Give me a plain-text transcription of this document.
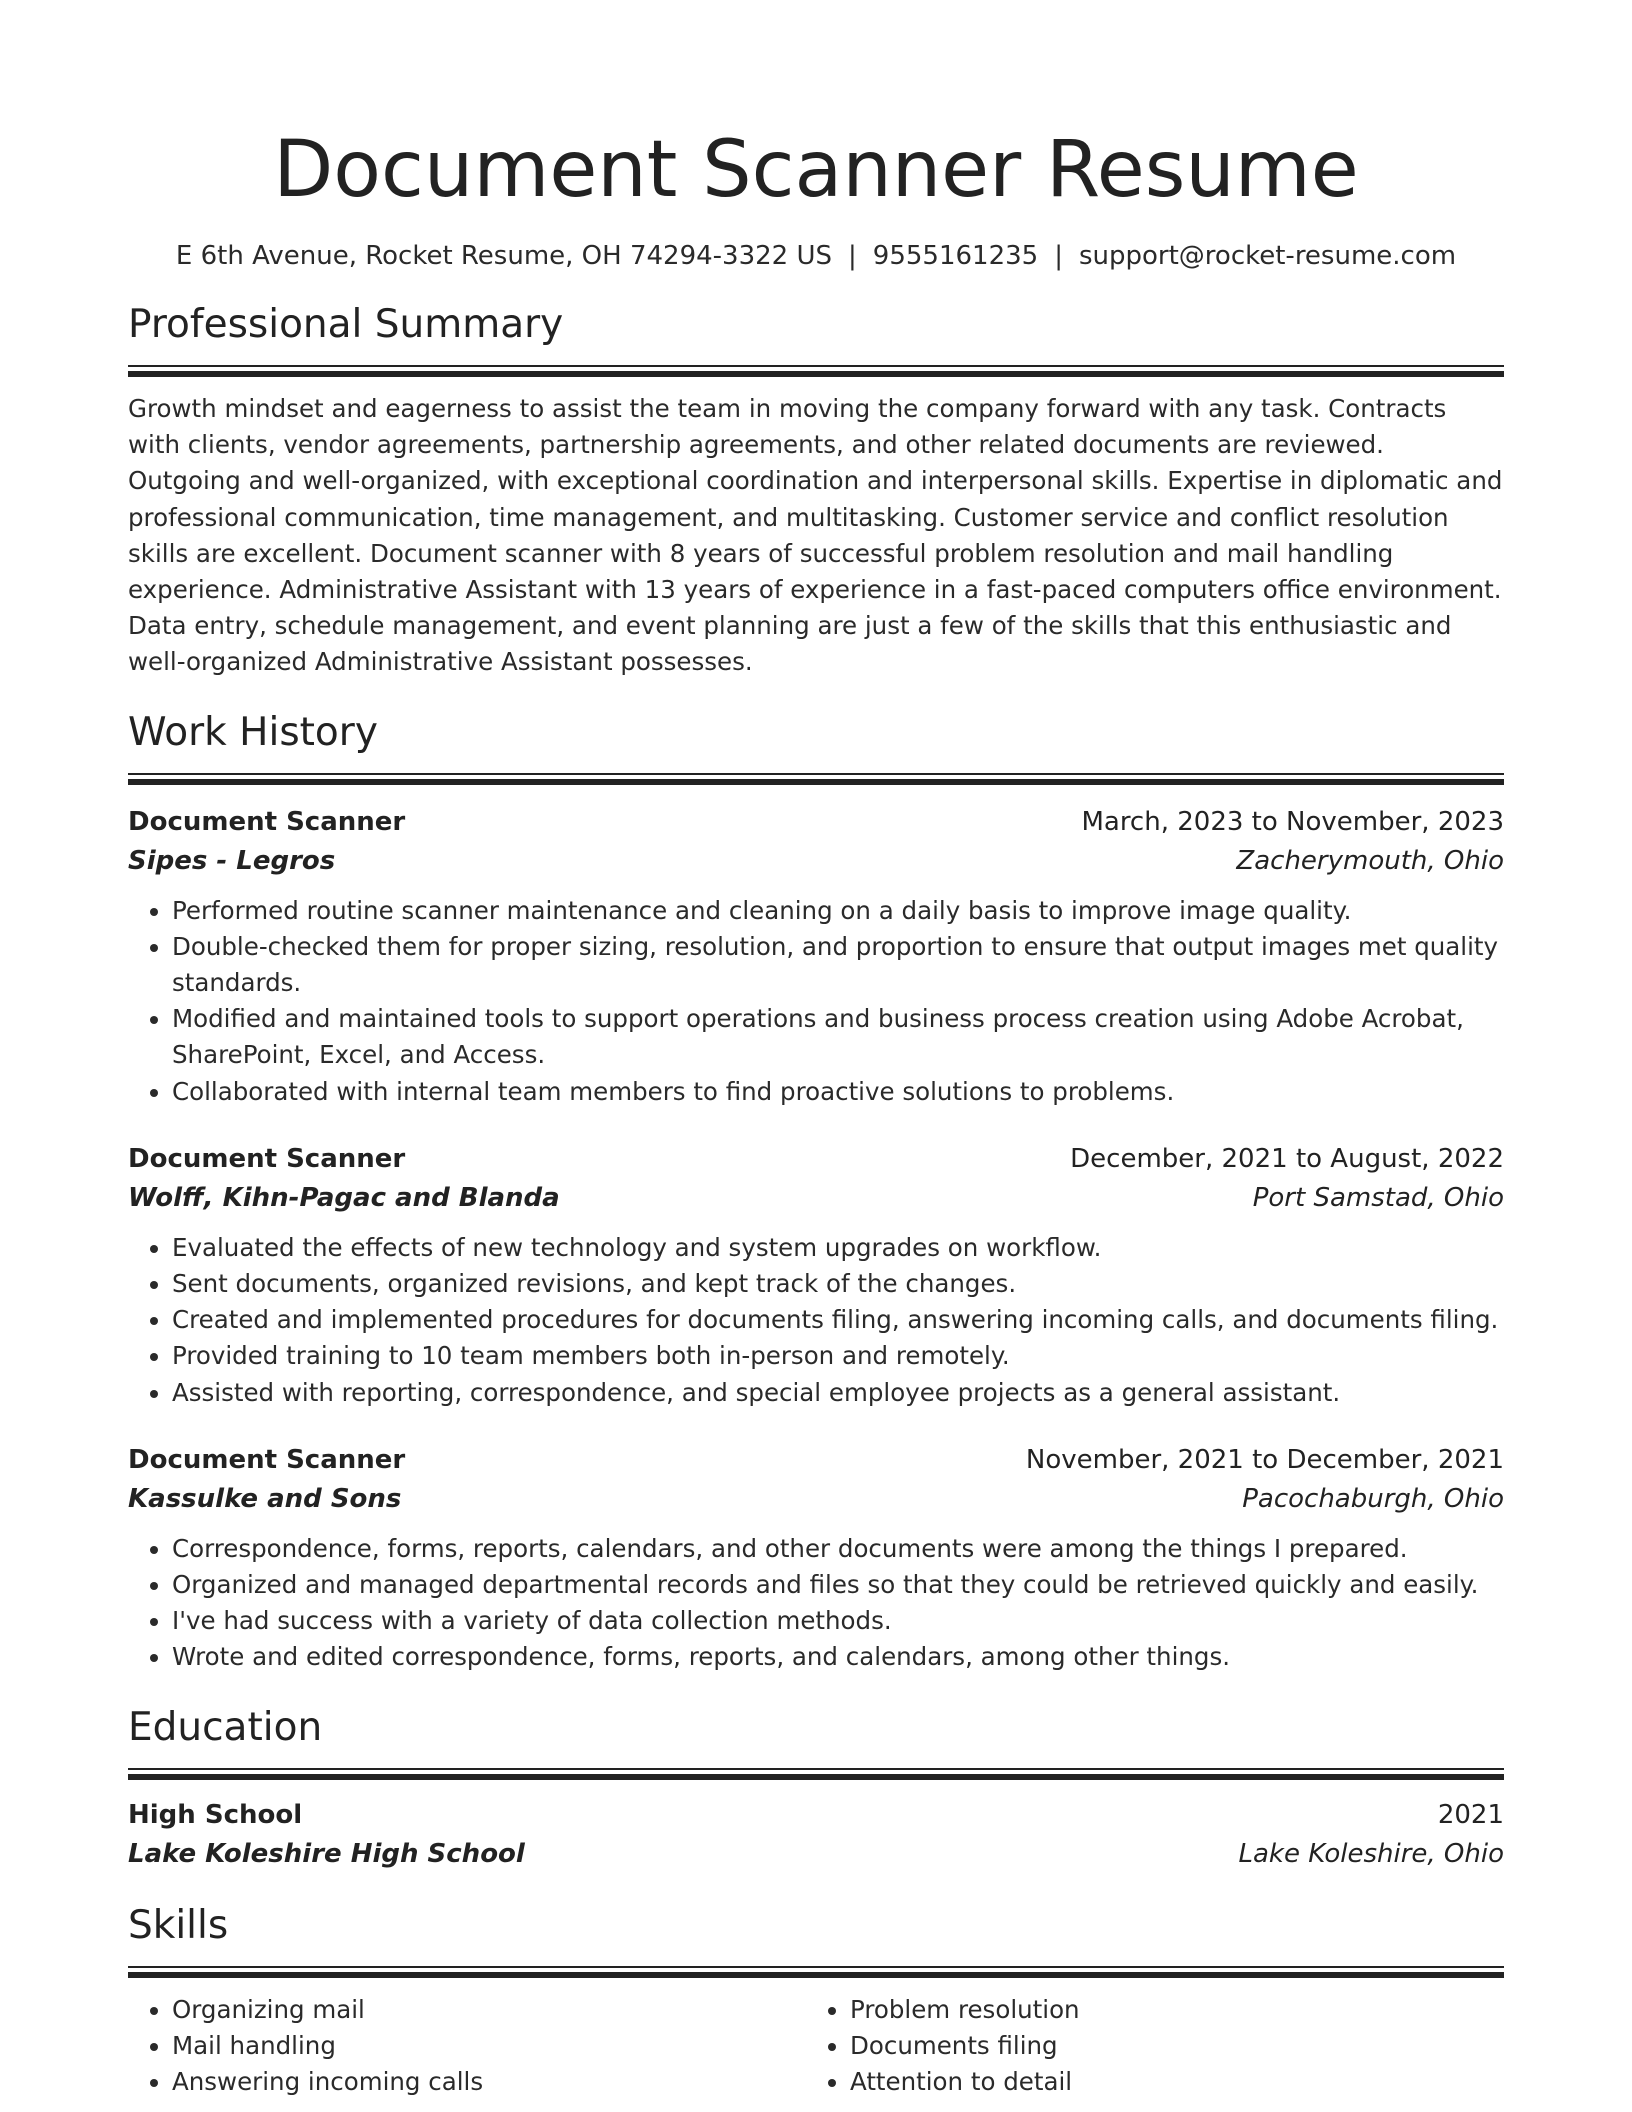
Document Scanner Resume
E 6th Avenue, Rocket Resume, OH 74294-3322 US | 9555161235 | support@rocket-resume.com
Professional Summary
Growth mindset and eagerness to assist the team in moving the company forward with any task. Contracts with clients, vendor agreements, partnership agreements, and other related documents are reviewed. Outgoing and well-organized, with exceptional coordination and interpersonal skills. Expertise in diplomatic and professional communication, time management, and multitasking. Customer service and conflict resolution skills are excellent. Document scanner with 8 years of successful problem resolution and mail handling experience. Administrative Assistant with 13 years of experience in a fast-paced computers office environment. Data entry, schedule management, and event planning are just a few of the skills that this enthusiastic and well-organized Administrative Assistant possesses.
Work History
Document Scanner	March, 2023 to November, 2023
Sipes - Legros	Zacherymouth, Ohio
• Performed routine scanner maintenance and cleaning on a daily basis to improve image quality.
• Double-checked them for proper sizing, resolution, and proportion to ensure that output images met quality standards.
• Modified and maintained tools to support operations and business process creation using Adobe Acrobat, SharePoint, Excel, and Access.
• Collaborated with internal team members to find proactive solutions to problems.
Document Scanner	December, 2021 to August, 2022
Wolff, Kihn-Pagac and Blanda	Port Samstad, Ohio
• Evaluated the effects of new technology and system upgrades on workflow.
• Sent documents, organized revisions, and kept track of the changes.
• Created and implemented procedures for documents filing, answering incoming calls, and documents filing.
• Provided training to 10 team members both in-person and remotely.
• Assisted with reporting, correspondence, and special employee projects as a general assistant.
Document Scanner	November, 2021 to December, 2021
Kassulke and Sons	Pacochaburgh, Ohio
• Correspondence, forms, reports, calendars, and other documents were among the things I prepared.
• Organized and managed departmental records and files so that they could be retrieved quickly and easily.
• I've had success with a variety of data collection methods.
• Wrote and edited correspondence, forms, reports, and calendars, among other things.
Education
High School	2021
Lake Koleshire High School	Lake Koleshire, Ohio
Skills
• Organizing mail
• Mail handling
• Answering incoming calls
• Problem resolution
• Documents filing
• Attention to detail
